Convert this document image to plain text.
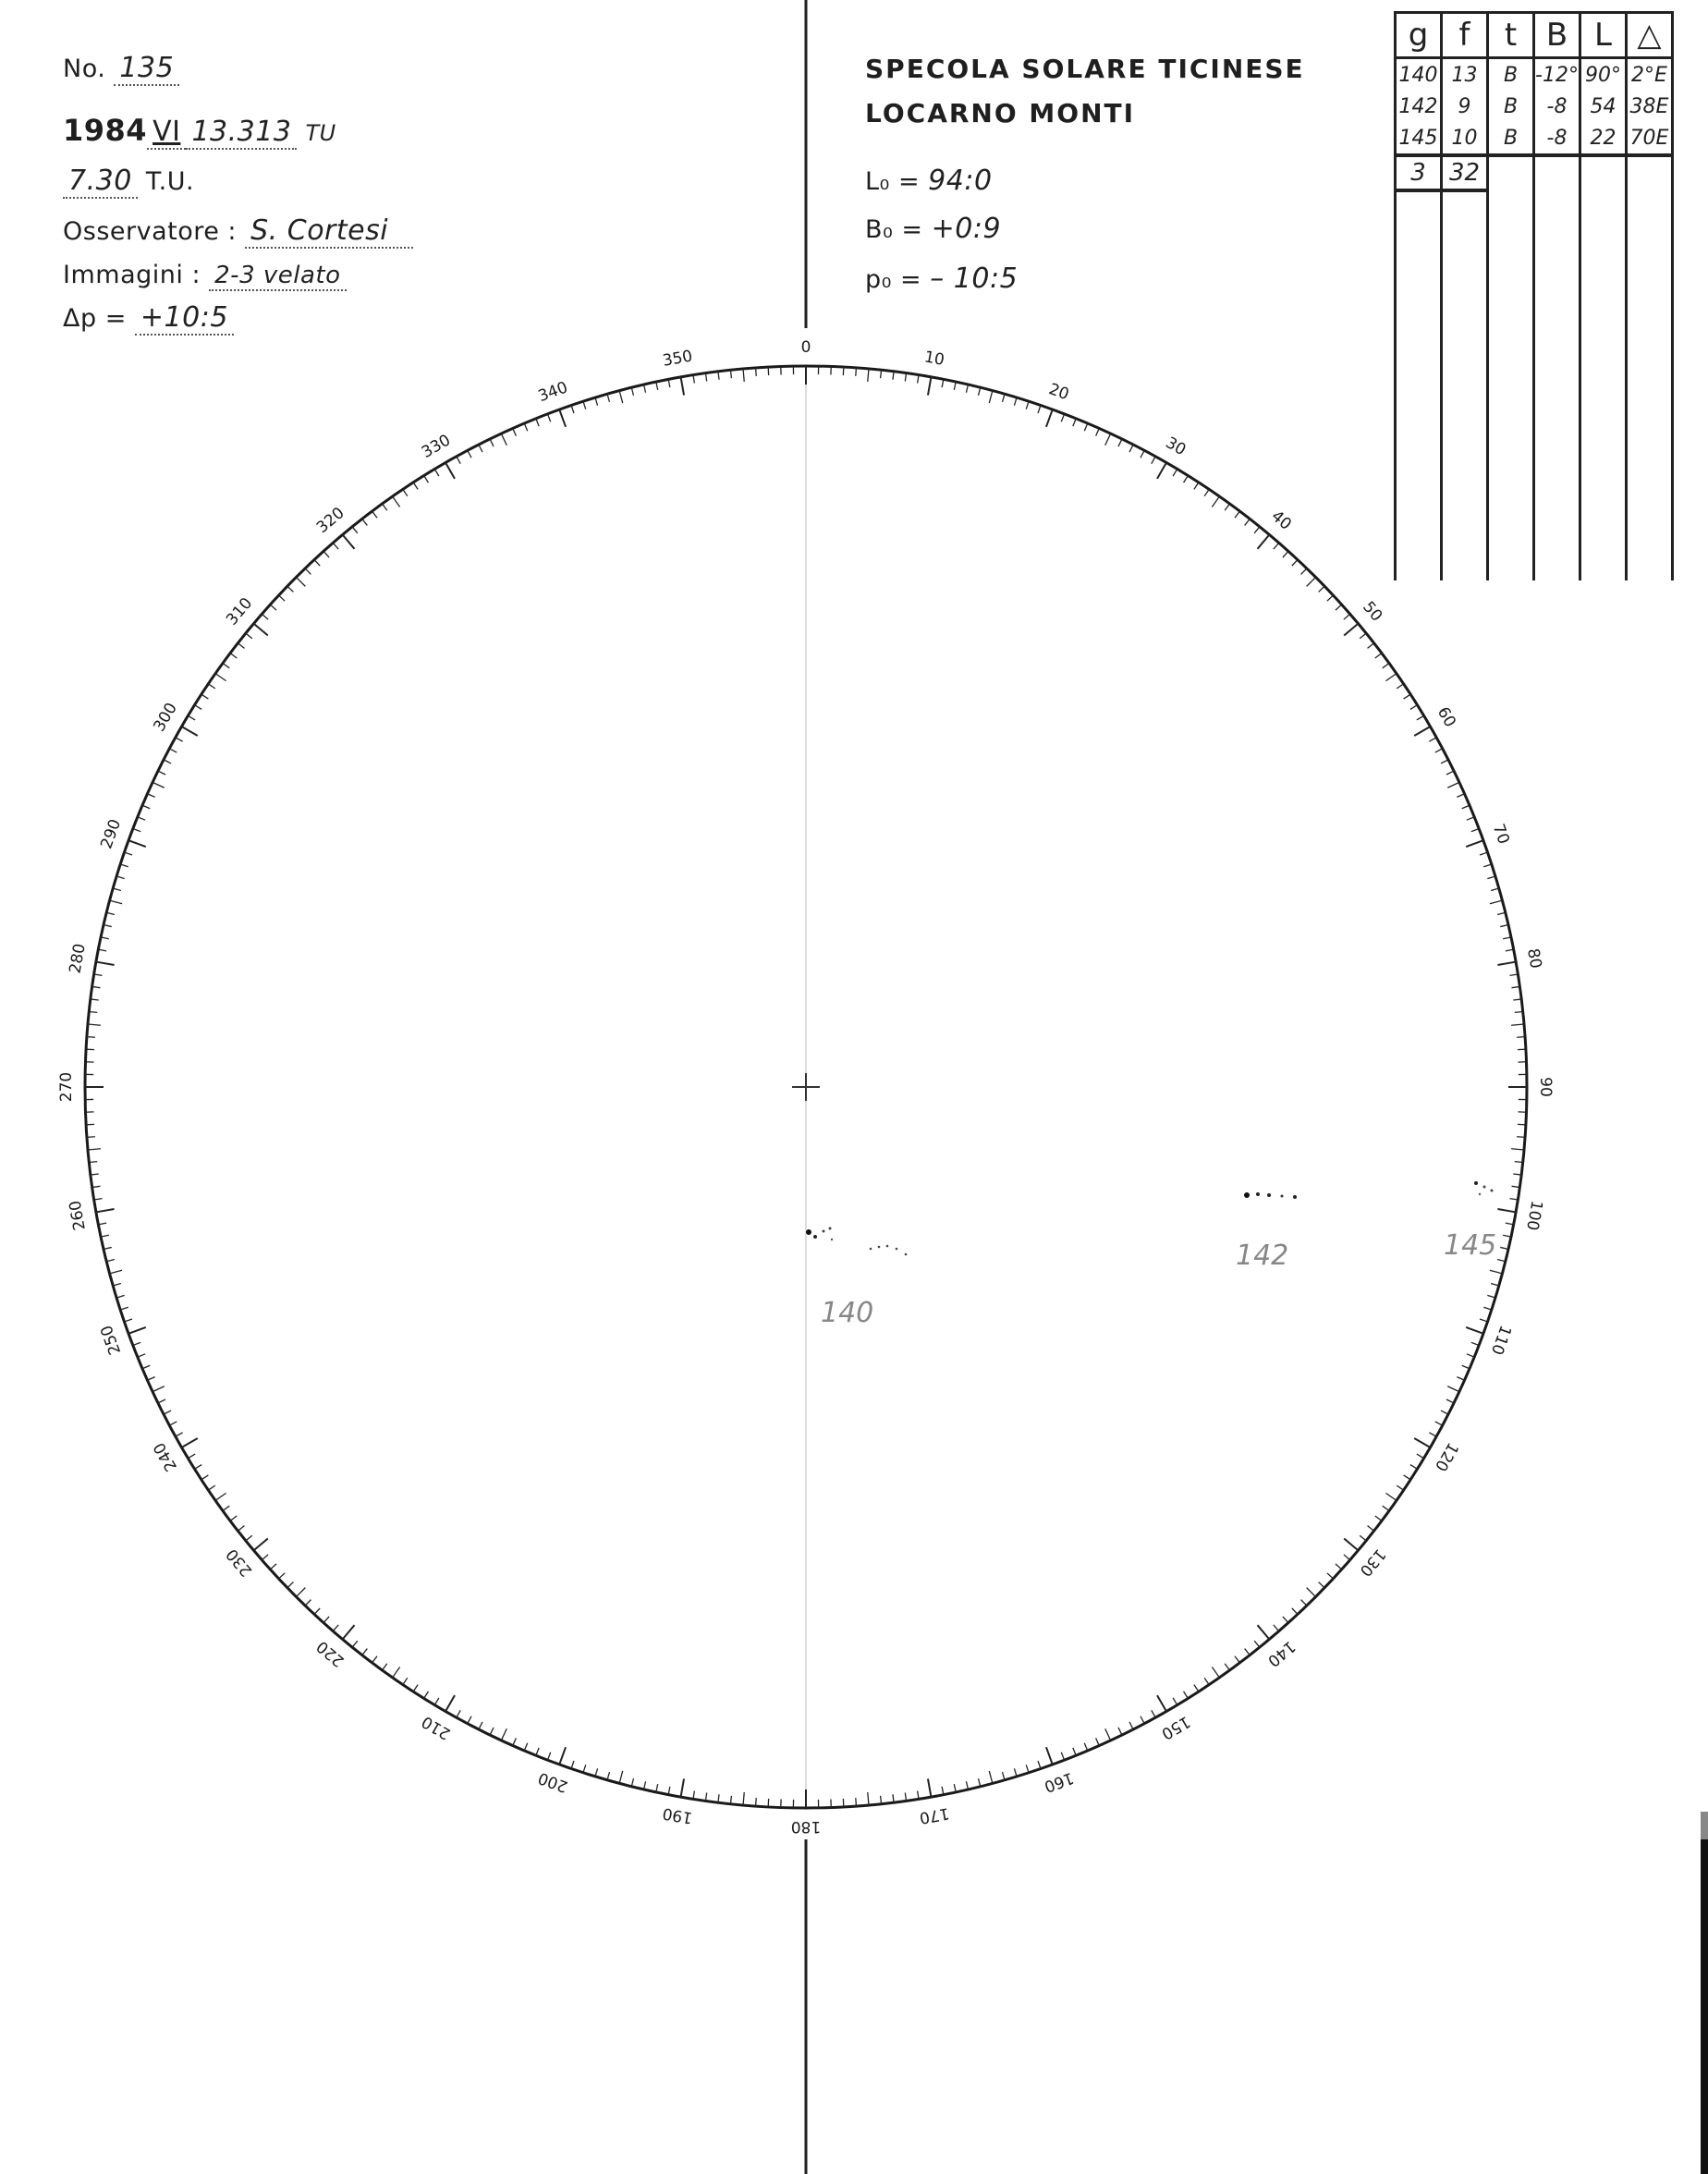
No. 135
1984 VI 13.313 TU
7.30 T.U.
Osservatore : S. Cortesi
Immagini : 2-3 velato
Δp = +10:5
SPECOLA SOLARE TICINESE
LOCARNO MONTI
L₀ = 94:0
B₀ = +0:9
p₀ = – 10:5
g	f	t	B	L	△
140	13	B	-12°	90°	2°E
142	9	B	-8	54	38E
145	10	B	-8	22	70E
3	32				

0
10
20
30
40
50
60
70
80
90
100
110
120
130
140
150
160
170
180
190
200
210
220
230
240
250
260
270
280
290
300
310
320
330
340
350
140
142	145
